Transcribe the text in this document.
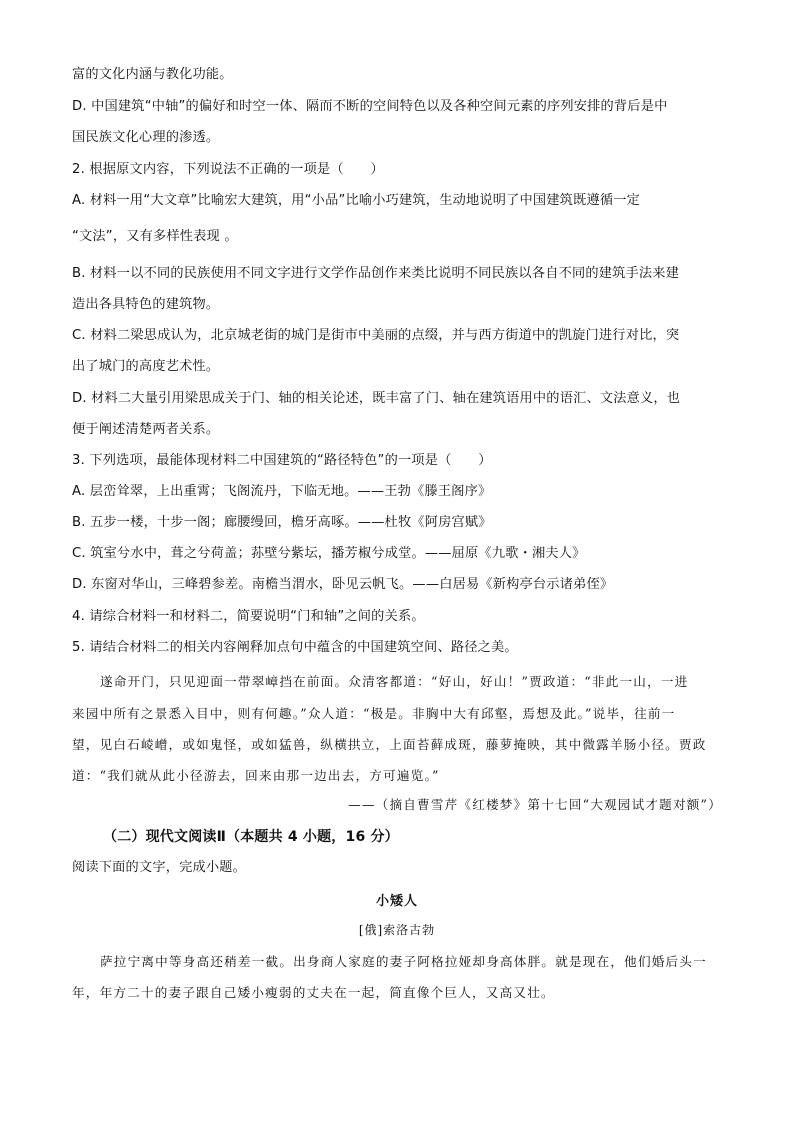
富的文化内涵与教化功能。
D. 中国建筑“中轴”的偏好和时空一体、隔而不断的空间特色以及各种空间元素的序列安排的背后是中
国民族文化心理的渗透。
2. 根据原文内容，下列说法不正确的一项是（　　）
A. 材料一用“大文章”比喻宏大建筑，用“小品”比喻小巧建筑，生动地说明了中国建筑既遵循一定
“文法”，又有多样性表现 。
B. 材料一以不同的民族使用不同文字进行文学作品创作来类比说明不同民族以各自不同的建筑手法来建
造出各具特色的建筑物。
C. 材料二梁思成认为，北京城老街的城门是街市中美丽的点缀，并与西方街道中的凯旋门进行对比，突
出了城门的高度艺术性。
D. 材料二大量引用梁思成关于门、轴的相关论述，既丰富了门、轴在建筑语用中的语汇、文法意义，也
便于阐述清楚两者关系。
3. 下列选项，最能体现材料二中国建筑的“路径特色”的一项是（　　）
A. 层峦耸翠，上出重霄；飞阁流丹，下临无地。——王勃《滕王阁序》
B. 五步一楼，十步一阁；廊腰缦回，檐牙高啄。——杜牧《阿房宫赋》
C. 筑室兮水中，葺之兮荷盖；荪壁兮紫坛，播芳椒兮成堂。——屈原《九歌・湘夫人》
D. 东窗对华山，三峰碧参差。南檐当渭水，卧见云帆飞。——白居易《新构亭台示诸弟侄》
4. 请综合材料一和材料二，简要说明“门和轴”之间的关系。
5. 请结合材料二的相关内容阐释加点句中蕴含的中国建筑空间、路径之美。
遂命开门，只见迎面一带翠嶂挡在前面。众清客都道：“好山，好山！”贾政道：“非此一山，一进
来园中所有之景悉入目中，则有何趣。”众人道：“极是。非胸中大有邱壑，焉想及此。”说毕，往前一
望，见白石崚嶒，或如鬼怪，或如猛兽，纵横拱立，上面苔藓成斑，藤萝掩映，其中微露羊肠小径。贾政
道：“我们就从此小径游去，回来由那一边出去，方可遍览。”
——（摘自曹雪芹《红楼梦》第十七回“大观园试才题对额”）
（二）现代文阅读Ⅱ（本题共 4 小题，16 分）
阅读下面的文字，完成小题。
小矮人
[俄]索洛古勃
萨拉宁离中等身高还稍差一截。出身商人家庭的妻子阿格拉娅却身高体胖。就是现在，他们婚后头一
年，年方二十的妻子跟自己矮小瘦弱的丈夫在一起，简直像个巨人，又高又壮。
